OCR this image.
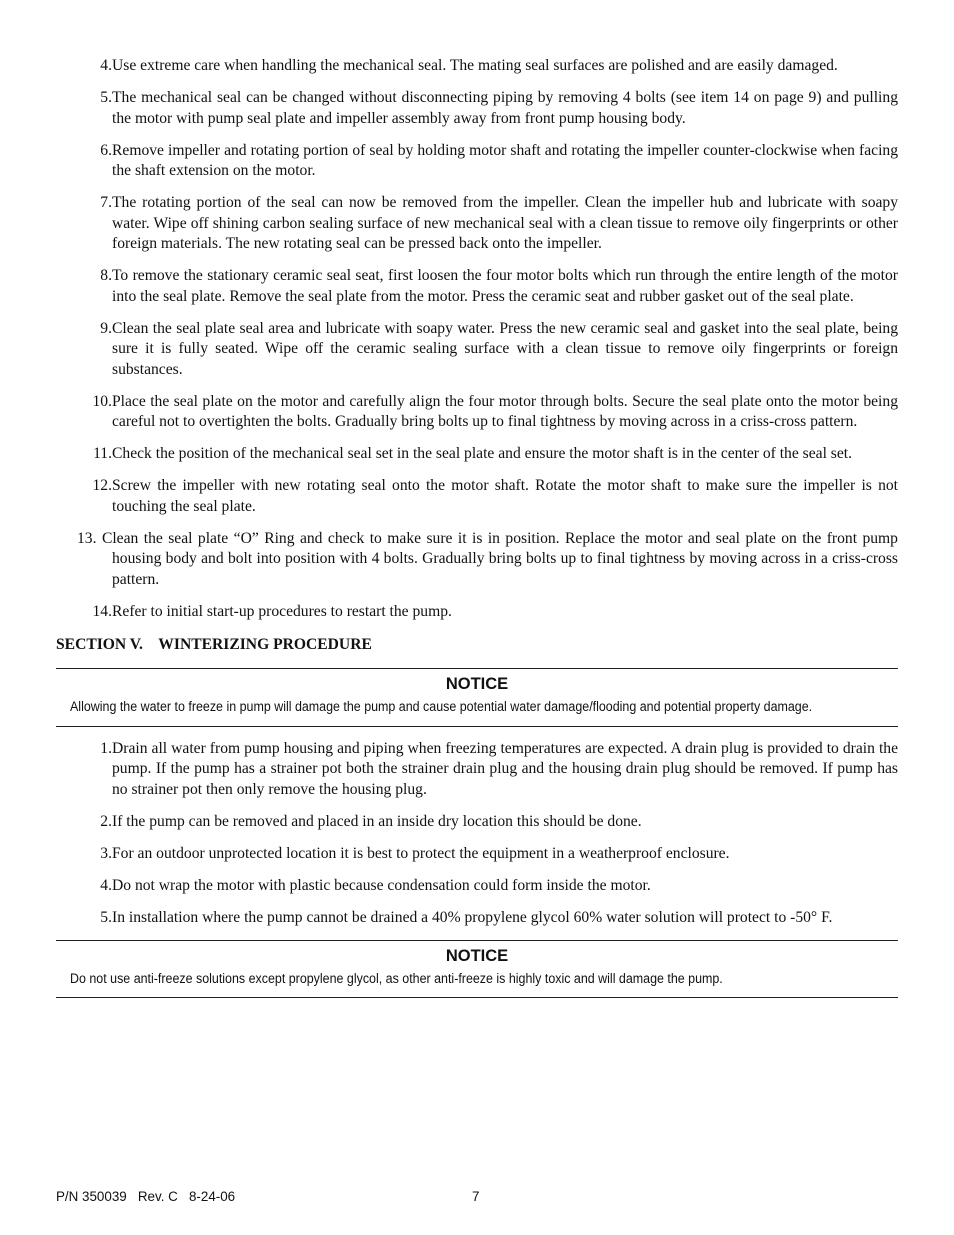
4. Use extreme care when handling the mechanical seal. The mating seal surfaces are polished and are easily damaged.
5. The mechanical seal can be changed without disconnecting piping by removing 4 bolts (see item 14 on page 9) and pulling the motor with pump seal plate and impeller assembly away from front pump housing body.
6. Remove impeller and rotating portion of seal by holding motor shaft and rotating the impeller counter-clockwise when facing the shaft extension on the motor.
7. The rotating portion of the seal can now be removed from the impeller. Clean the impeller hub and lubricate with soapy water. Wipe off shining carbon sealing surface of new mechanical seal with a clean tissue to remove oily fingerprints or other foreign materials. The new rotating seal can be pressed back onto the impeller.
8. To remove the stationary ceramic seal seat, first loosen the four motor bolts which run through the entire length of the motor into the seal plate. Remove the seal plate from the motor. Press the ceramic seat and rubber gasket out of the seal plate.
9. Clean the seal plate seal area and lubricate with soapy water. Press the new ceramic seal and gasket into the seal plate, being sure it is fully seated. Wipe off the ceramic sealing surface with a clean tissue to remove oily fingerprints or foreign substances.
10. Place the seal plate on the motor and carefully align the four motor through bolts. Secure the seal plate onto the motor being careful not to overtighten the bolts. Gradually bring bolts up to final tightness by moving across in a criss-cross pattern.
11. Check the position of the mechanical seal set in the seal plate and ensure the motor shaft is in the center of the seal set.
12. Screw the impeller with new rotating seal onto the motor shaft. Rotate the motor shaft to make sure the impeller is not touching the seal plate.
13. Clean the seal plate “O” Ring and check to make sure it is in position. Replace the motor and seal plate on the front pump housing body and bolt into position with 4 bolts. Gradually bring bolts up to final tightness by moving across in a criss-cross pattern.
14. Refer to initial start-up procedures to restart the pump.
SECTION V. WINTERIZING PROCEDURE
NOTICE
Allowing the water to freeze in pump will damage the pump and cause potential water damage/flooding and potential property damage.
1. Drain all water from pump housing and piping when freezing temperatures are expected. A drain plug is provided to drain the pump. If the pump has a strainer pot both the strainer drain plug and the housing drain plug should be removed. If pump has no strainer pot then only remove the housing plug.
2. If the pump can be removed and placed in an inside dry location this should be done.
3. For an outdoor unprotected location it is best to protect the equipment in a weatherproof enclosure.
4. Do not wrap the motor with plastic because condensation could form inside the motor.
5. In installation where the pump cannot be drained a 40% propylene glycol 60% water solution will protect to -50° F.
NOTICE
Do not use anti-freeze solutions except propylene glycol, as other anti-freeze is highly toxic and will damage the pump.
P/N 350039   Rev. C   8-24-06	7
